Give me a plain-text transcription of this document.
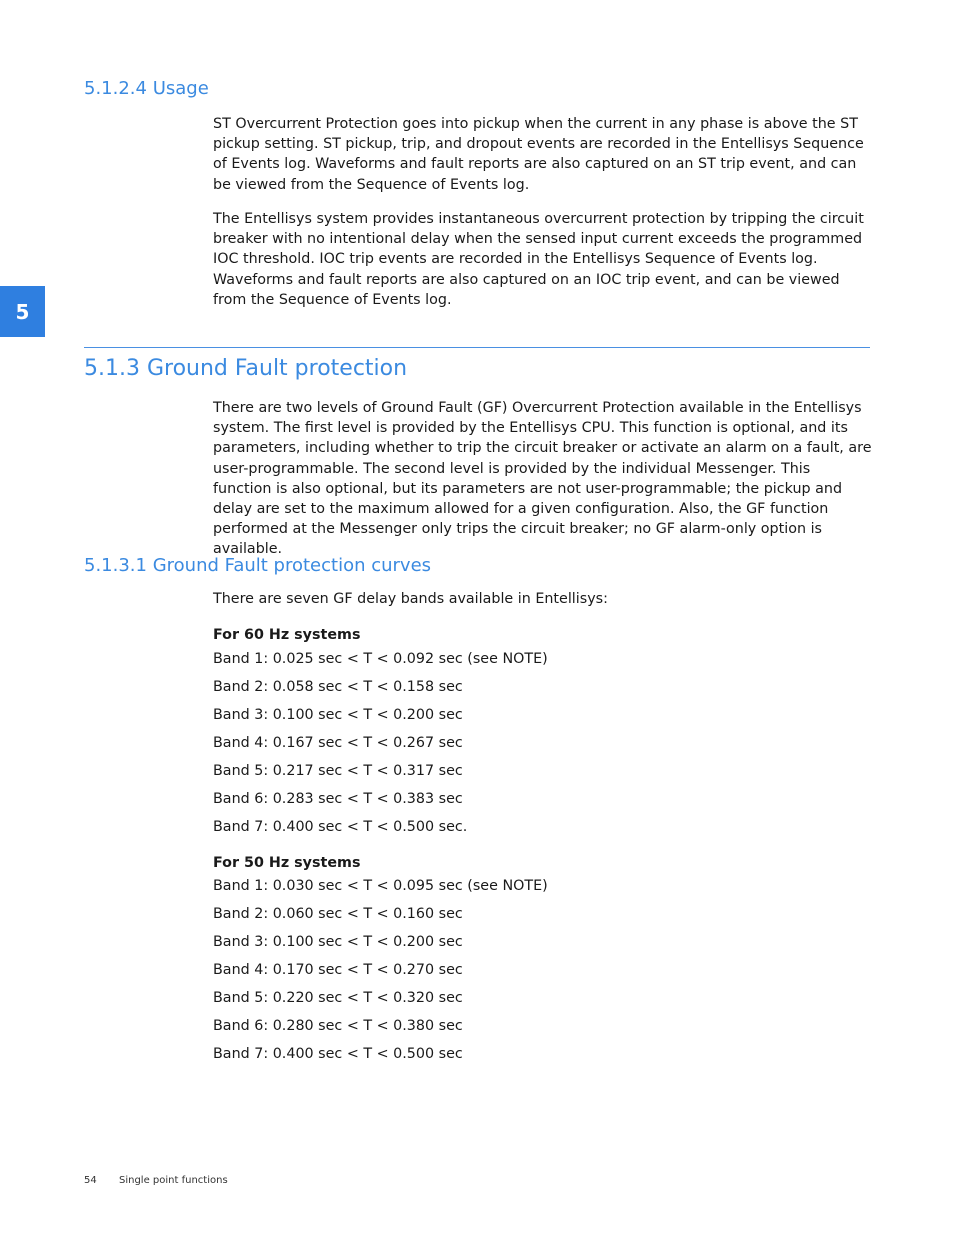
5
5.1.2.4 Usage

ST Overcurrent Protection goes into pickup when the current in any phase is above the ST pickup setting. ST pickup, trip, and dropout events are recorded in the Entellisys Sequence of Events log. Waveforms and fault reports are also captured on an ST trip event, and can be viewed from the Sequence of Events log.

The Entellisys system provides instantaneous overcurrent protection by tripping the circuit breaker with no intentional delay when the sensed input current exceeds the programmed IOC threshold. IOC trip events are recorded in the Entellisys Sequence of Events log. Waveforms and fault reports are also captured on an IOC trip event, and can be viewed from the Sequence of Events log.

5.1.3 Ground Fault protection

There are two levels of Ground Fault (GF) Overcurrent Protection available in the Entellisys system. The first level is provided by the Entellisys CPU. This function is optional, and its parameters, including whether to trip the circuit breaker or activate an alarm on a fault, are user-programmable. The second level is provided by the individual Messenger. This function is also optional, but its parameters are not user-programmable; the pickup and delay are set to the maximum allowed for a given configuration. Also, the GF function performed at the Messenger only trips the circuit breaker; no GF alarm-only option is available.

5.1.3.1 Ground Fault protection curves

There are seven GF delay bands available in Entellisys:

For 60 Hz systems

Band 1: 0.025 sec < T < 0.092 sec (see NOTE)
Band 2: 0.058 sec < T < 0.158 sec
Band 3: 0.100 sec < T < 0.200 sec
Band 4: 0.167 sec < T < 0.267 sec
Band 5: 0.217 sec < T < 0.317 sec
Band 6: 0.283 sec < T < 0.383 sec
Band 7: 0.400 sec < T < 0.500 sec.

For 50 Hz systems

Band 1: 0.030 sec < T < 0.095 sec (see NOTE)
Band 2: 0.060 sec < T < 0.160 sec
Band 3: 0.100 sec < T < 0.200 sec
Band 4: 0.170 sec < T < 0.270 sec
Band 5: 0.220 sec < T < 0.320 sec
Band 6: 0.280 sec < T < 0.380 sec
Band 7: 0.400 sec < T < 0.500 sec
54 Single point functions
